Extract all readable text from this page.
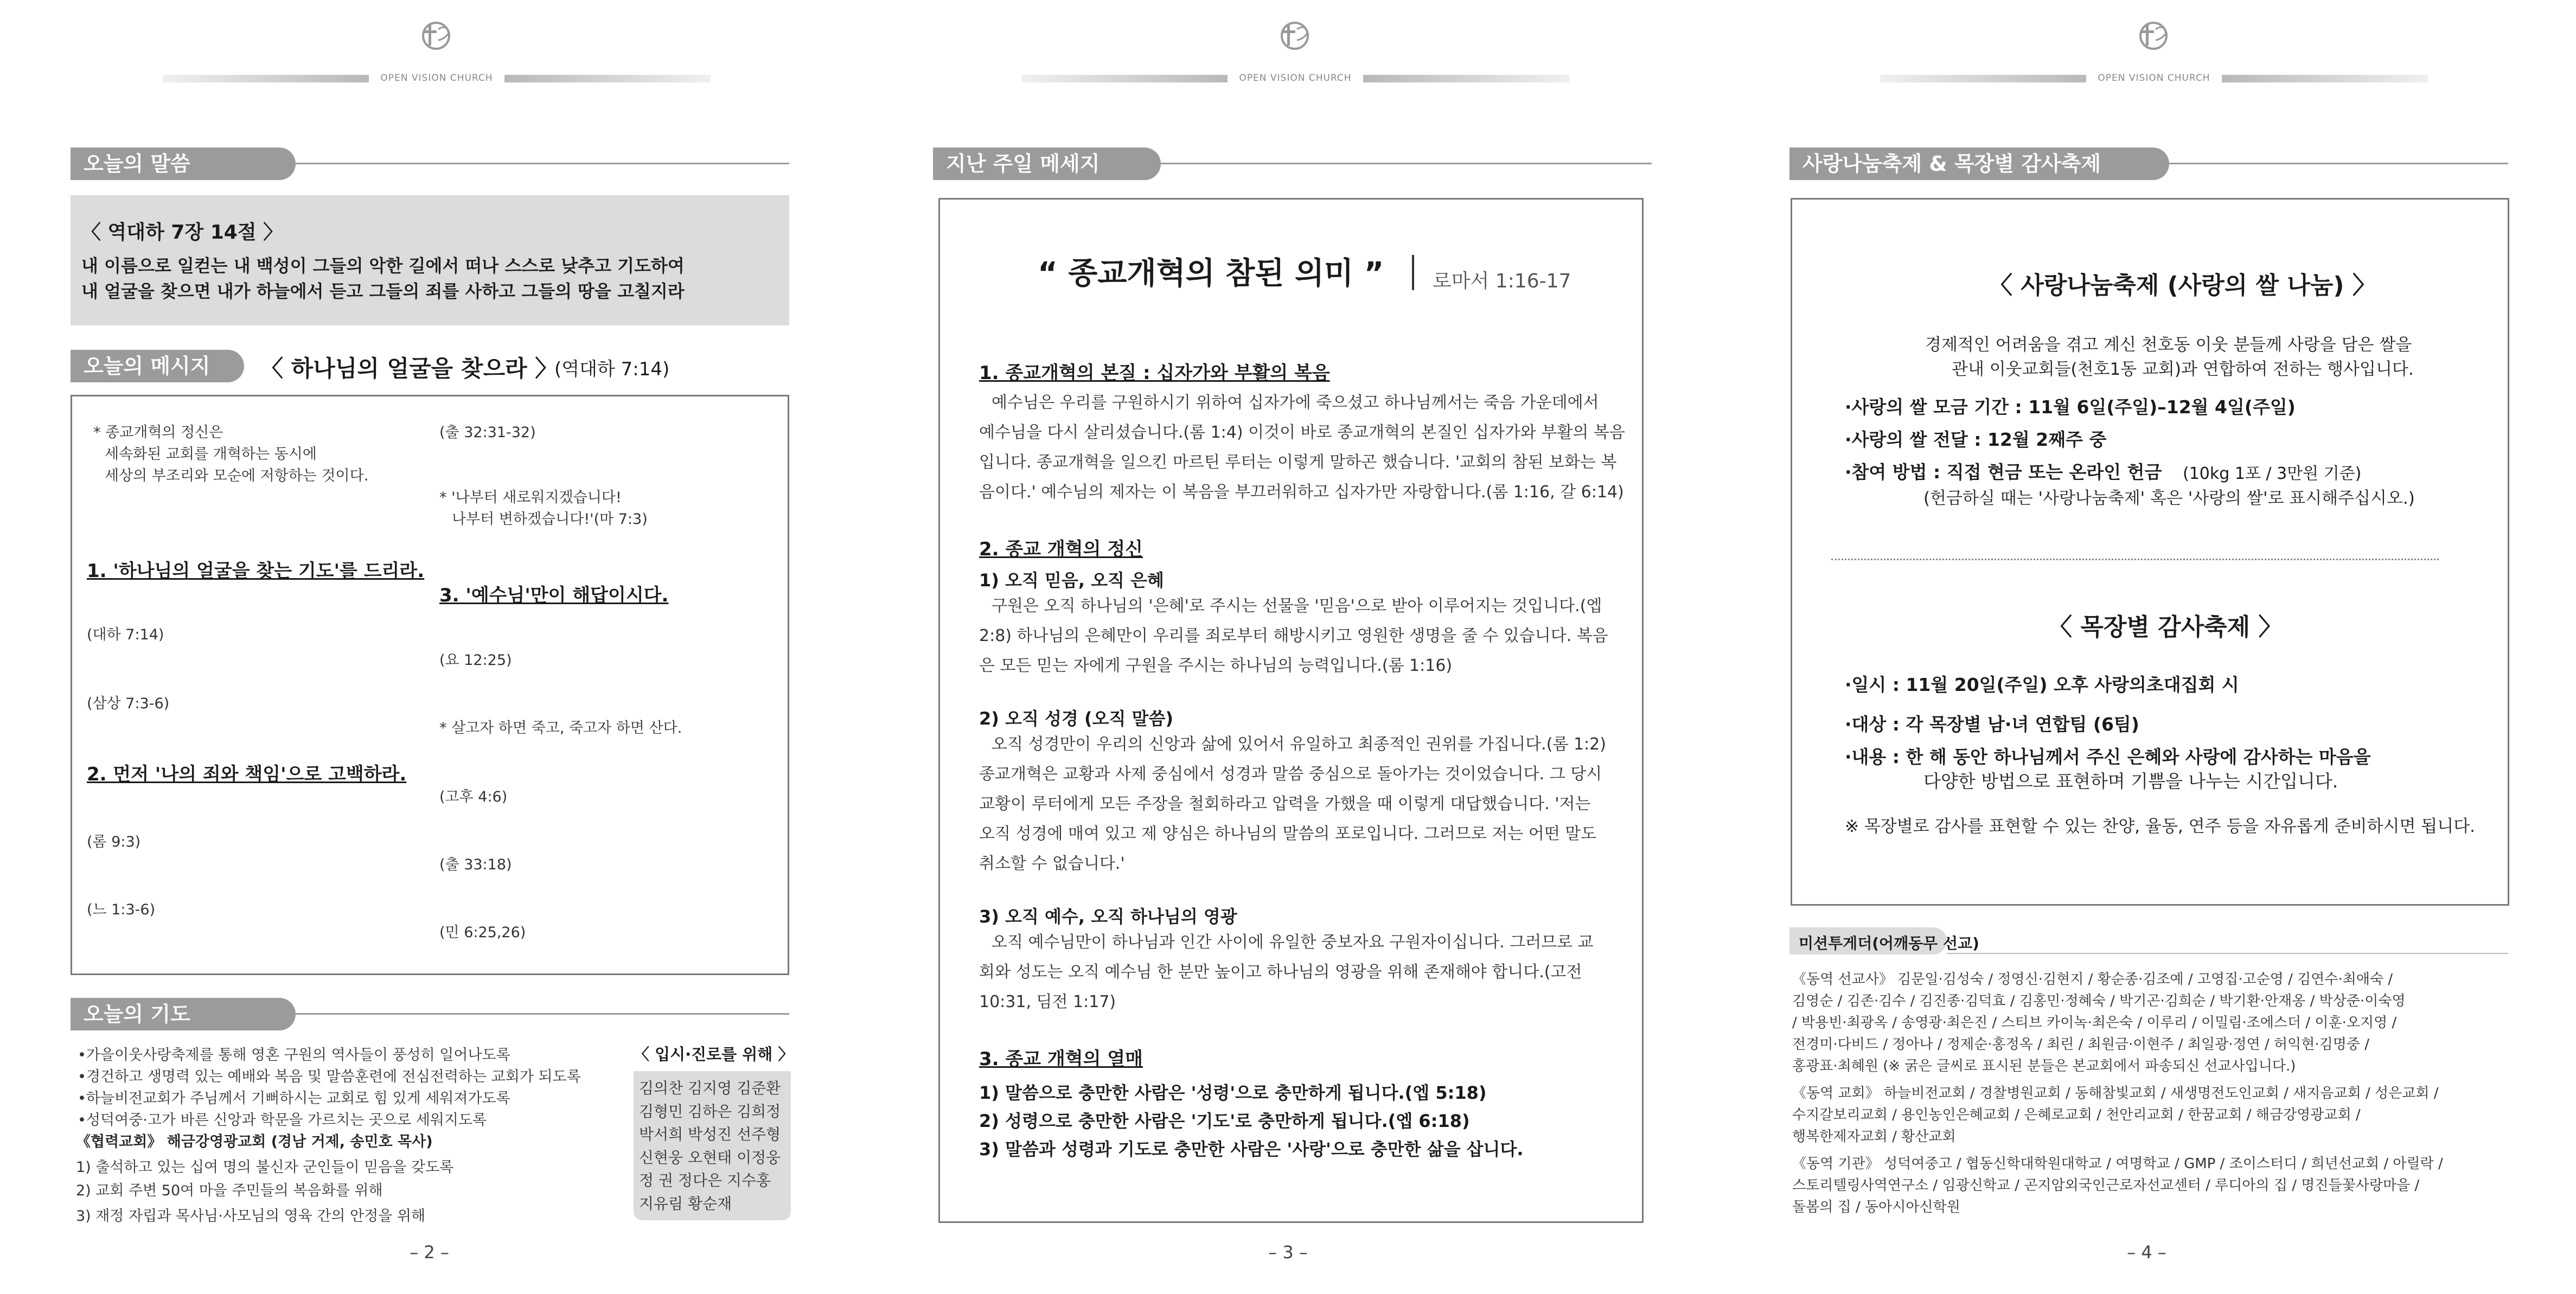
OPEN VISION CHURCH
오늘의 말씀
〈 역대하 7장 14절 〉
내 이름으로 일컫는 내 백성이 그들의 악한 길에서 떠나 스스로 낮추고 기도하여
내 얼굴을 찾으면 내가 하늘에서 듣고 그들의 죄를 사하고 그들의 땅을 고칠지라
오늘의 메시지	〈 하나님의 얼굴을 찾으라 〉
(역대하 7:14)
* 종교개혁의 정신은
세속화된 교회를 개혁하는 동시에
세상의 부조리와 모순에 저항하는 것이다.
1. '하나님의 얼굴을 찾는 기도'를 드리라.
(대하 7:14)
(삼상 7:3-6)
2. 먼저 '나의 죄와 책임'으로 고백하라.
(롬 9:3)
(느 1:3-6)
(출 32:31-32)
* '나부터 새로워지겠습니다!
나부터 변하겠습니다!'(마 7:3)
3. '예수님'만이 해답이시다.
(요 12:25)
* 살고자 하면 죽고, 죽고자 하면 산다.
(고후 4:6)
(출 33:18)
(민 6:25,26)
오늘의 기도
•가을이웃사랑축제를 통해 영혼 구원의 역사들이 풍성히 일어나도록
•경건하고 생명력 있는 예배와 복음 및 말씀훈련에 전심전력하는 교회가 되도록
•하늘비전교회가 주님께서 기뻐하시는 교회로 힘 있게 세워져가도록
•성덕여중·고가 바른 신앙과 학문을 가르치는 곳으로 세워지도록
《협력교회》 해금강영광교회 (경남 거제, 송민호 목사)
1) 출석하고 있는 십여 명의 불신자 군인들이 믿음을 갖도록
2) 교회 주변 50여 마을 주민들의 복음화를 위해
3) 재정 자립과 목사님·사모님의 영육 간의 안정을 위해
〈 입시·진로를 위해 〉
김의찬 김지영 김준환
김형민 김하은 김희정
박서희 박성진 선주형
신현웅 오현태 이정웅
정 권 정다은 지수홍
지유림 황순재
– 2 –
OPEN VISION CHURCH
지난 주일 메세지
“ 종교개혁의 참된 의미 ” 로마서 1:16-17
1. 종교개혁의 본질 : 십자가와 부활의 복음
예수님은 우리를 구원하시기 위하여 십자가에 죽으셨고 하나님께서는 죽음 가운데에서
예수님을 다시 살리셨습니다.(롬 1:4) 이것이 바로 종교개혁의 본질인 십자가와 부활의 복음
입니다. 종교개혁을 일으킨 마르틴 루터는 이렇게 말하곤 했습니다. '교회의 참된 보화는 복
음이다.' 예수님의 제자는 이 복음을 부끄러워하고 십자가만 자랑합니다.(롬 1:16, 갈 6:14)
2. 종교 개혁의 정신
1) 오직 믿음, 오직 은혜
구원은 오직 하나님의 '은혜'로 주시는 선물을 '믿음'으로 받아 이루어지는 것입니다.(엡
2:8) 하나님의 은혜만이 우리를 죄로부터 해방시키고 영원한 생명을 줄 수 있습니다. 복음
은 모든 믿는 자에게 구원을 주시는 하나님의 능력입니다.(롬 1:16)
2) 오직 성경 (오직 말씀)
오직 성경만이 우리의 신앙과 삶에 있어서 유일하고 최종적인 권위를 가집니다.(롬 1:2)
종교개혁은 교황과 사제 중심에서 성경과 말씀 중심으로 돌아가는 것이었습니다. 그 당시
교황이 루터에게 모든 주장을 철회하라고 압력을 가했을 때 이렇게 대답했습니다. '저는
오직 성경에 매여 있고 제 양심은 하나님의 말씀의 포로입니다. 그러므로 저는 어떤 말도
취소할 수 없습니다.'
3) 오직 예수, 오직 하나님의 영광
오직 예수님만이 하나님과 인간 사이에 유일한 중보자요 구원자이십니다. 그러므로 교
회와 성도는 오직 예수님 한 분만 높이고 하나님의 영광을 위해 존재해야 합니다.(고전
10:31, 딤전 1:17)
3. 종교 개혁의 열매
1) 말씀으로 충만한 사람은 '성령'으로 충만하게 됩니다.(엡 5:18)
2) 성령으로 충만한 사람은 '기도'로 충만하게 됩니다.(엡 6:18)
3) 말씀과 성령과 기도로 충만한 사람은 '사랑'으로 충만한 삶을 삽니다.
– 3 –
OPEN VISION CHURCH
사랑나눔축제 & 목장별 감사축제
〈 사랑나눔축제 (사랑의 쌀 나눔) 〉
경제적인 어려움을 겪고 계신 천호동 이웃 분들께 사랑을 담은 쌀을
관내 이웃교회들(천호1동 교회)과 연합하여 전하는 행사입니다.
·사랑의 쌀 모금 기간 : 11월 6일(주일)–12월 4일(주일)
·사랑의 쌀 전달 : 12월 2째주 중
·참여 방법 : 직접 현금 또는 온라인 헌금 (10kg 1포 / 3만원 기준)
(헌금하실 때는 '사랑나눔축제' 혹은 '사랑의 쌀'로 표시해주십시오.)
〈 목장별 감사축제 〉
·일시 : 11월 20일(주일) 오후 사랑의초대집회 시
·대상 : 각 목장별 남·녀 연합팀 (6팀)
·내용 : 한 해 동안 하나님께서 주신 은혜와 사랑에 감사하는 마음을
다양한 방법으로 표현하며 기쁨을 나누는 시간입니다.
※ 목장별로 감사를 표현할 수 있는 찬양, 율동, 연주 등을 자유롭게 준비하시면 됩니다.
미션투게더(어깨동무 선교)
《동역 선교사》 김문일·김성숙 / 정영신·김현지 / 황순종·김조예 / 고영집·고순영 / 김연수·최애숙 /
김영순 / 김존·김수 / 김진종·김덕효 / 김홍민·정혜숙 / 박기곤·김희순 / 박기환·안재옹 / 박상준·이숙영
/ 박용빈·최광옥 / 송영광·최은진 / 스티브 카이녹·최은숙 / 이루리 / 이밀림·조에스더 / 이훈·오지영 /
전경미·다비드 / 정아나 / 정제순·홍정옥 / 최린 / 최원금·이현주 / 최일광·정연 / 허익현·김명중 /
홍광표·최혜원 (※ 굵은 글씨로 표시된 분들은 본교회에서 파송되신 선교사입니다.)
《동역 교회》 하늘비전교회 / 경찰병원교회 / 동해참빛교회 / 새생명전도인교회 / 새지음교회 / 성은교회 /
수지갈보리교회 / 용인농인은혜교회 / 은혜로교회 / 천안리교회 / 한꿈교회 / 해금강영광교회 /
행복한제자교회 / 황산교회
《동역 기관》 성덕여중고 / 협동신학대학원대학교 / 여명학교 / GMP / 조이스터디 / 희년선교회 / 아릴락 /
스토리텔링사역연구소 / 임광신학교 / 곤지암외국인근로자선교센터 / 루디아의 집 / 명진들꽃사랑마을 /
돌봄의 집 / 동아시아신학원
– 4 –
